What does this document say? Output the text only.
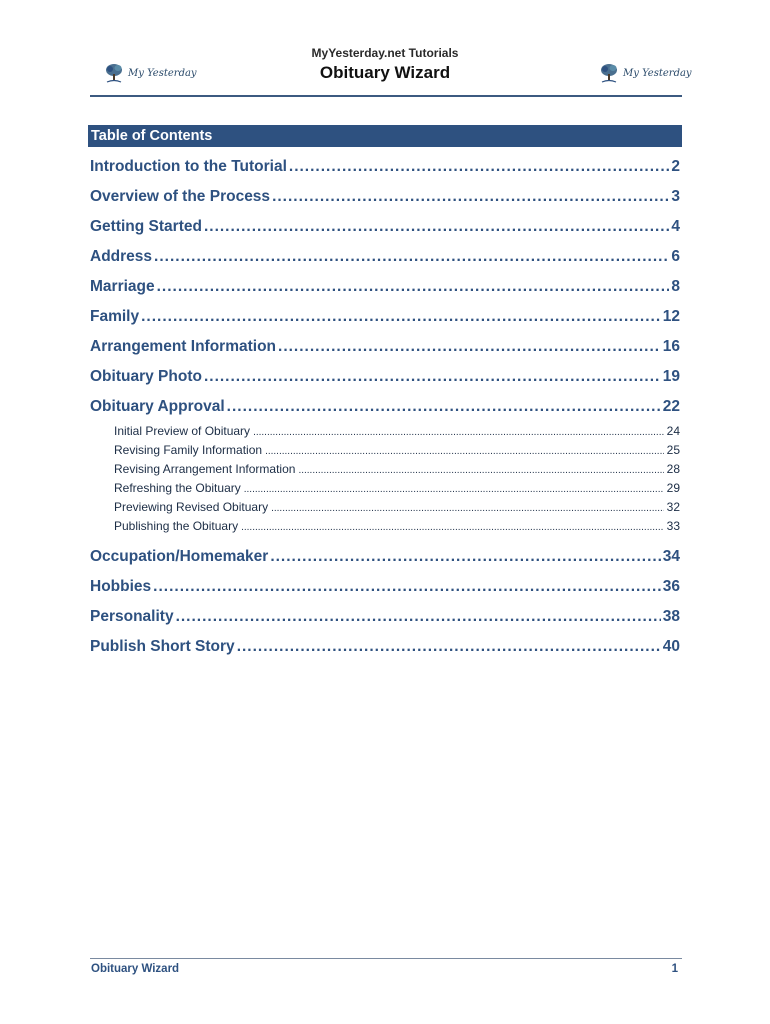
MyYesterday.net Tutorials
Obituary Wizard
My Yesterday	My Yesterday
Table of Contents
Introduction to the Tutorial .....	2
Overview of the Process .....	3
Getting Started .....	4
Address .....	6
Marriage .....	8
Family .....	12
Arrangement Information .....	16
Obituary Photo .....	19
Obituary Approval .....	22
Initial Preview of Obituary .....	24
Revising Family Information .....	25
Revising Arrangement Information .....	28
Refreshing the Obituary .....	29
Previewing Revised Obituary .....	32
Publishing the Obituary .....	33
Occupation/Homemaker .....	34
Hobbies .....	36
Personality .....	38
Publish Short Story .....	40
Obituary Wizard	1
